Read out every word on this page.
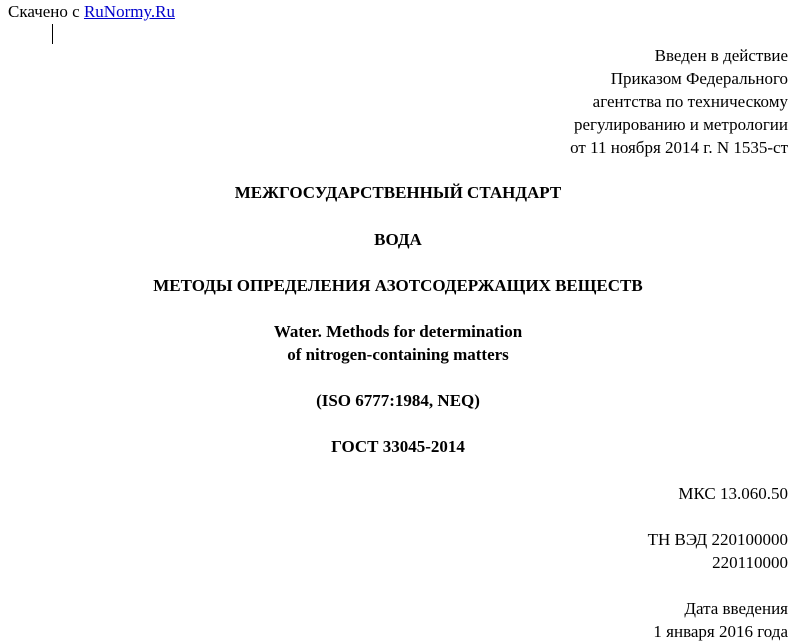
Скачено с RuNormy.Ru
Введен в действие
Приказом Федерального
агентства по техническому
регулированию и метрологии
от 11 ноября 2014 г. N 1535-ст
МЕЖГОСУДАРСТВЕННЫЙ СТАНДАРТ
ВОДА
МЕТОДЫ ОПРЕДЕЛЕНИЯ АЗОТСОДЕРЖАЩИХ ВЕЩЕСТВ
Water. Methods for determination
of nitrogen-containing matters
(ISO 6777:1984, NEQ)
ГОСТ 33045-2014
МКС 13.060.50
ТН ВЭД 220100000
220110000
Дата введения
1 января 2016 года
